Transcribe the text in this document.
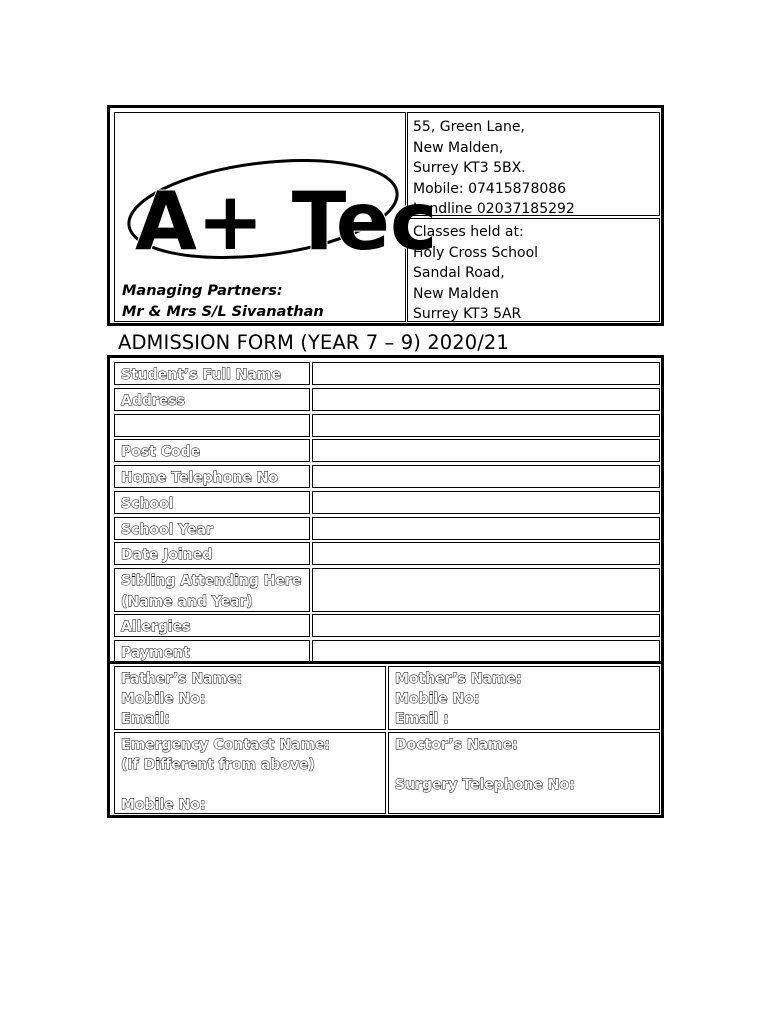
A+ Tec
Managing Partners:
Mr & Mrs S/L Sivanathan
55, Green Lane,
New Malden,
Surrey KT3 5BX.
Mobile: 07415878086
Landline 02037185292
Classes held at:
Holy Cross School
Sandal Road,
New Malden
Surrey KT3 5AR
ADMISSION FORM (YEAR 7 – 9) 2020/21
Student’s Full Name
Address
Post Code
Home Telephone No
School
School Year
Date Joined
Sibling Attending Here
(Name and Year)
Allergies
Payment
Father’s Name:
Mobile No:
Email:
Mother’s Name:
Mobile No:
Email :
Emergency Contact Name:
(If Different from above)
Mobile No:
Doctor’s Name:
Surgery Telephone No:
